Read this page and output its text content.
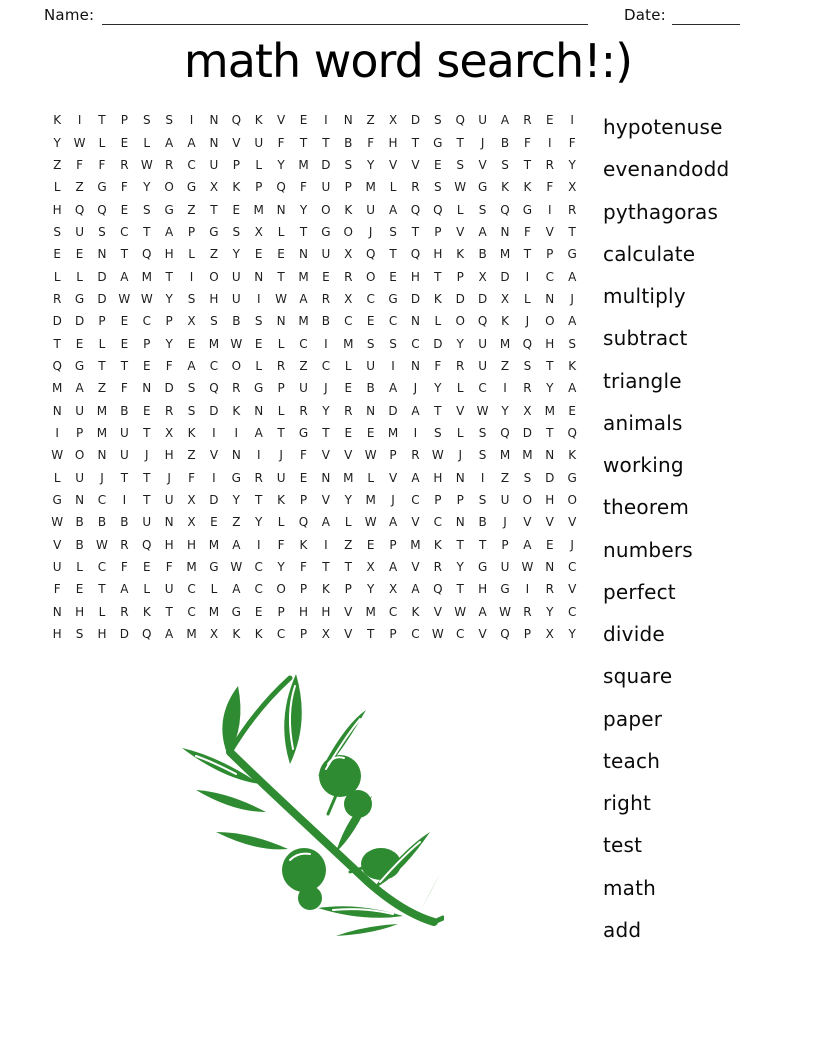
Name:	Date:
math word search!:)
K	I	T	P	S	S	I	N	Q	K	V	E	I	N	Z	X	D	S	Q	U	A	R	E	I
Y	W	L	E	L	A	A	N	V	U	F	T	T	B	F	H	T	G	T	J	B	F	I	F
Z	F	F	R	W	R	C	U	P	L	Y	M	D	S	Y	V	V	E	S	V	S	T	R	Y
L	Z	G	F	Y	O	G	X	K	P	Q	F	U	P	M	L	R	S	W G	K	K	F	X
H	Q	Q	E	S	G	Z	T	E	M	N	Y	O	K	U	A	Q	Q	L	S	Q	G	I	R
S	U	S	C	T	A	P	G	S	X	L	T	G	O	J	S	T	P	V	A	N	F	V	T
E	E	N	T	Q	H	L	Z	Y	E	E	N	U	X	Q	T	Q	H	K	B	M	T	P	G
L	L	D	A	M	T	I	O	U	N	T	M	E	R	O	E	H	T	P	X	D	I	C	A
R	G	D W W	Y	S	H	U	I	W	A	R	X	C	G	D	K	D	D	X	L	N	J
D	D	P	E	C	P	X	S	B	S	N	M	B	C	E	C	N	L	O	Q	K	J	O	A
T	E	L	E	P	Y	E	M W	E	L	C	I	M	S	S	C	D	Y	U	M	Q	H	S
Q	G	T	T	E	F	A	C	O	L	R	Z	C	L	U	I	N	F	R	U	Z	S	T	K
M	A	Z	F	N	D	S	Q	R	G	P	U	J	E	B	A	J	Y	L	C	I	R	Y	A
N	U	M	B	E	R	S	D	K	N	L	R	Y	R	N	D	A	T	V	W	Y	X	M	E
I	P	M	U	T	X	K	I	I	A	T	G	T	E	E	M	I	S	L	S	Q	D	T	Q
W O	N	U	J	H	Z	V	N	I	J	F	V	V	W	P	R	W	J	S	M	M	N	K
L	U	J	T	T	J	F	I	G	R	U	E	N	M	L	V	A	H	N	I	Z	S	D	G
G	N	C	I	T	U	X	D	Y	T	K	P	V	Y	M	J	C	P	P	S	U	O	H	O
W	B	B	B	U	N	X	E	Z	Y	L	Q	A	L	W	A	V	C	N	B	J	V	V	V
V	B	W	R	Q	H	H	M	A	I	F	K	I	Z	E	P	M	K	T	T	P	A	E	J
U	L	C	F	E	F	M	G W	C	Y	F	T	T	X	A	V	R	Y	G	U	W N	C
F	E	T	A	L	U	C	L	A	C	O	P	K	P	Y	X	A	Q	T	H	G	I	R	V
N	H	L	R	K	T	C	M	G	E	P	H	H	V	M	C	K	V	W	A	W	R	Y	C
H	S	H	D	Q	A	M	X	K	K	C	P	X	V	T	P	C	W	C	V	Q	P	X	Y
hypotenuse
evenandodd
pythagoras
calculate
multiply
subtract
triangle
animals
working
theorem
numbers
perfect
divide
square
paper
teach
right
test
math
add
